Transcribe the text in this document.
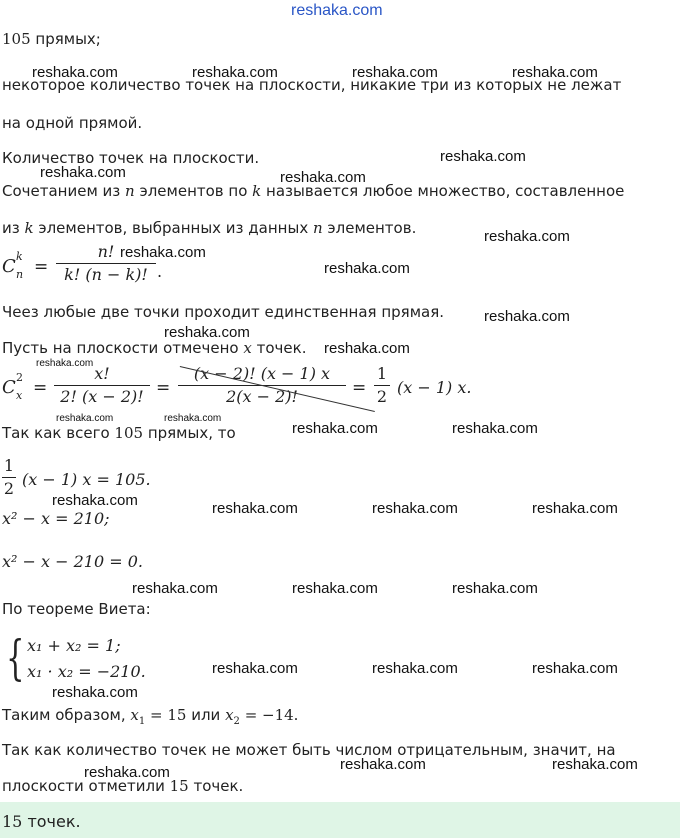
reshaka.com
105 прямых;
некоторое количество точек на плоскости, никакие три из которых не лежат
на одной прямой.
Количество точек на плоскости.
Сочетанием из n элементов по k называется любое множество, составленное
из k элементов, выбранных из данных n элементов.
C k
n =
n!
k! (n − k)! .
Чеез любые две точки проходит единственная прямая.
Пусть на плоскости отмечено x точек.
C 2
x =
x!
2! (x − 2)! =
(x − 2)! (x − 1) x
2(x − 2)!	=
1
2 (x − 1) x.
Так как всего 105 прямых, то
1
2 (x − 1) x = 105.
x² − x = 210;
x² − x − 210 = 0.
По теореме Виета:
{ x₁ + x₂ = 1;
x₁ · x₂ = −210.
Таким образом, $x_1 = 15$ или $x_2 = -14$.
Так как количество точек не может быть числом отрицательным, значит, на
плоскости отметили 15 точек.
15 точек.
reshaka.com	reshaka.com	reshaka.com	reshaka.com
reshaka.com
reshaka.com	reshaka.com
reshaka.com
reshaka.com
reshaka.com
reshaka.com
reshaka.com
reshaka.com
reshaka.com
reshaka.com	reshaka.com
reshaka.com	reshaka.com
reshaka.com	reshaka.com	reshaka.com	reshaka.com
reshaka.com	reshaka.com	reshaka.com
reshaka.com	reshaka.com	reshaka.com
reshaka.com
reshaka.com	reshaka.com
reshaka.com
